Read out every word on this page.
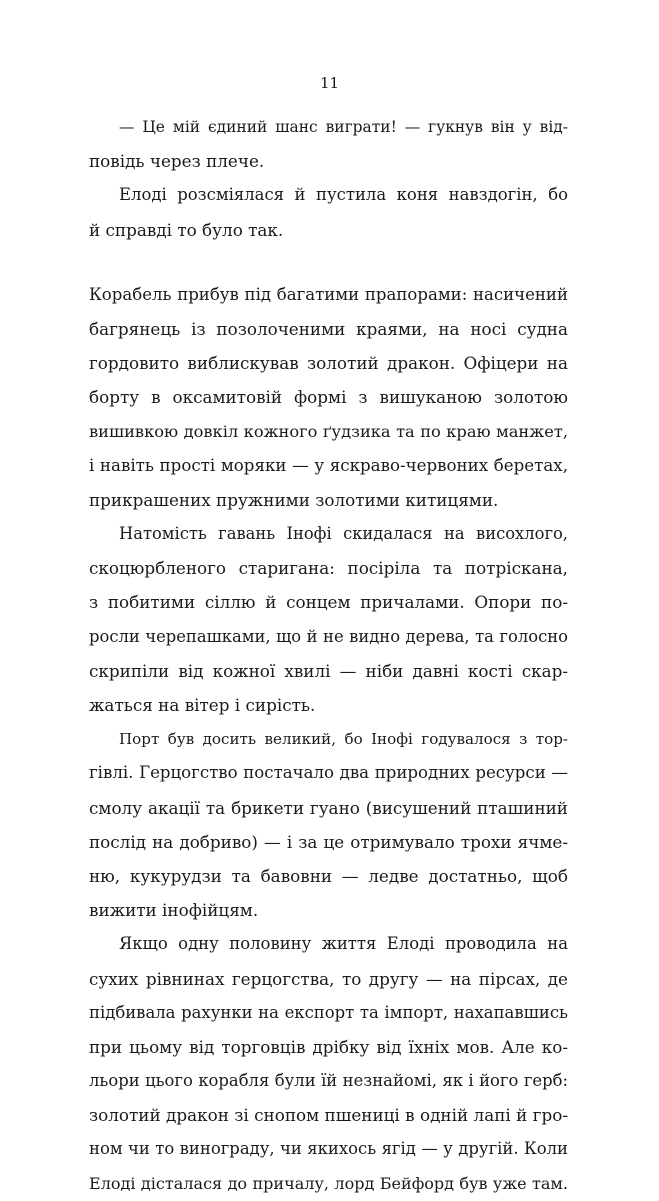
11
— Це мій єдиний шанс виграти! — гукнув він у від-
повідь через плече.
Елоді розсміялася й пустила коня навздогін, бо
й справді то було так.
Корабель прибув під багатими прапорами: насичений
багрянець із позолоченими краями, на носі судна
гордовито виблискував золотий дракон. Офіцери на
борту в оксамитовій формі з вишуканою золотою
вишивкою довкіл кожного ґудзика та по краю манжет,
і навіть прості моряки — у яскраво-червоних беретах,
прикрашених пружними золотими китицями.
Натомість гавань Інофі скидалася на висохлого,
скоцюрбленого старигана: посіріла та потріскана,
з побитими сіллю й сонцем причалами. Опори по-
росли черепашками, що й не видно дерева, та голосно
скрипіли від кожної хвилі — ніби давні кості скар-
жаться на вітер і сирість.
Порт був досить великий, бо Інофі годувалося з тор-
гівлі. Герцогство постачало два природних ресурси —
смолу акації та брикети гуано (висушений пташиний
послід на добриво) — і за це отримувало трохи ячме-
ню, кукурудзи та бавовни — ледве достатньо, щоб
вижити інофійцям.
Якщо одну половину життя Елоді проводила на
сухих рівнинах герцогства, то другу — на пірсах, де
підбивала рахунки на експорт та імпорт, нахапавшись
при цьому від торговців дрібку від їхніх мов. Але ко-
льори цього корабля були їй незнайомі, як і його герб:
золотий дракон зі снопом пшениці в одній лапі й гро-
ном чи то винограду, чи якихось ягід — у другій. Коли
Елоді дісталася до причалу, лорд Бейфорд був уже там.
